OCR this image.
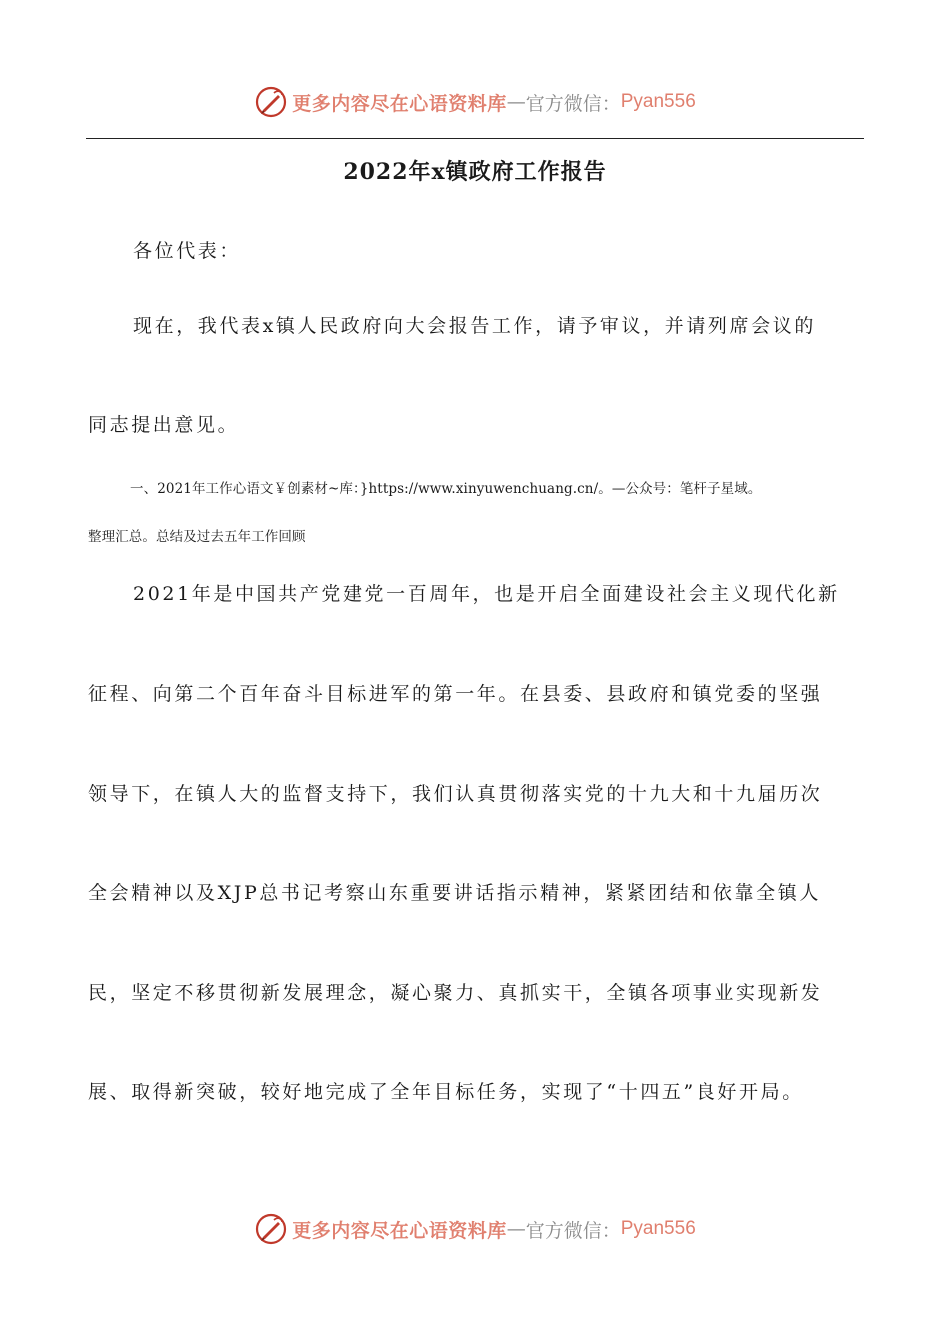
更多内容尽在心语资料库 — 官方微信： Pyan556
2022年x镇政府工作报告
各位代表：
现在，我代表x镇人民政府向大会报告工作，请予审议，并请列席会议的
同志提出意见。
一、2021年工作心语文￥创素材~库：}https://www.xinyuwenchuang.cn/。—公众号：笔杆子星域。
整理汇总。总结及过去五年工作回顾
2021年是中国共产党建党一百周年，也是开启全面建设社会主义现代化新
征程、向第二个百年奋斗目标进军的第一年。在县委、县政府和镇党委的坚强
领导下，在镇人大的监督支持下，我们认真贯彻落实党的十九大和十九届历次
全会精神以及XJP总书记考察山东重要讲话指示精神，紧紧团结和依靠全镇人
民，坚定不移贯彻新发展理念，凝心聚力、真抓实干，全镇各项事业实现新发
展、取得新突破，较好地完成了全年目标任务，实现了“十四五”良好开局。
更多内容尽在心语资料库 — 官方微信： Pyan556
